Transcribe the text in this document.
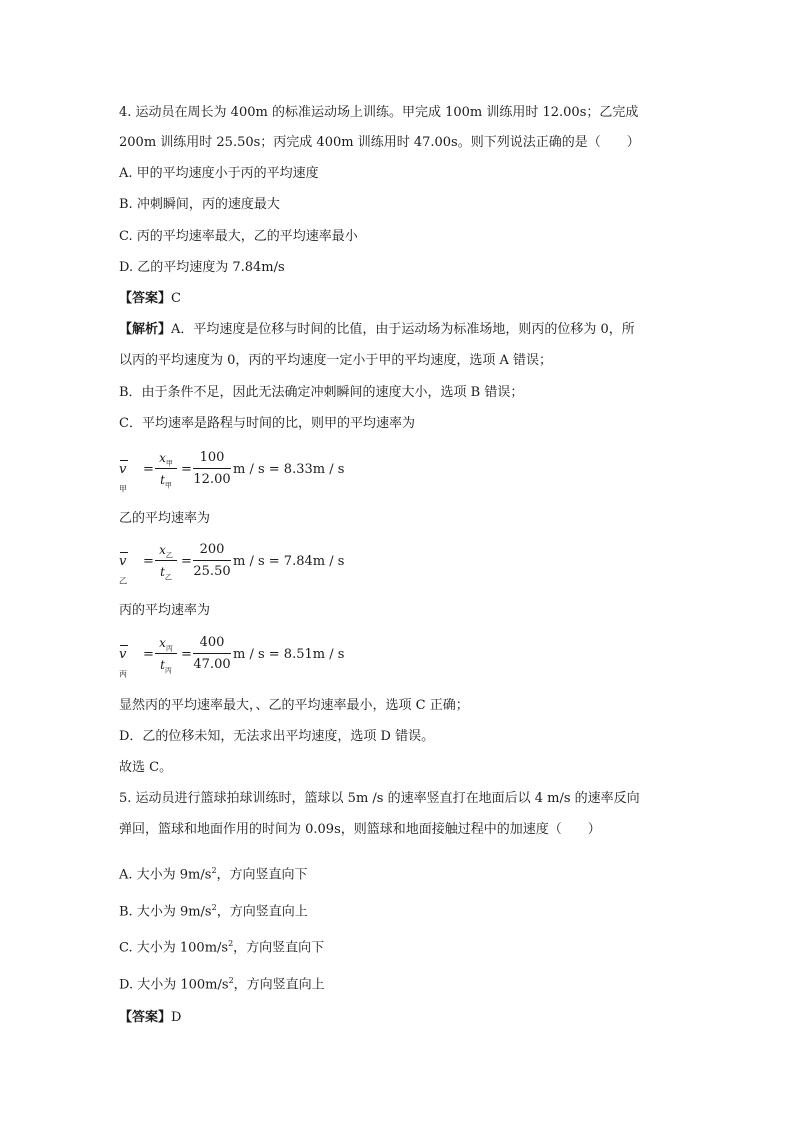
4. 运动员在周长为 400m 的标准运动场上训练。甲完成 100m 训练用时 12.00s；乙完成
200m 训练用时 25.50s；丙完成 400m 训练用时 47.00s。则下列说法正确的是（　　）
A. 甲的平均速度小于丙的平均速度
B. 冲刺瞬间，丙的速度最大
C. 丙的平均速率最大，乙的平均速率最小
D. 乙的平均速度为 7.84m/s
【答案】C
【解析】A．平均速度是位移与时间的比值，由于运动场为标准场地，则丙的位移为 0，所
以丙的平均速度为 0，丙的平均速度一定小于甲的平均速度，选项 A 错误；
B．由于条件不足，因此无法确定冲刺瞬间的速度大小，选项 B 错误；
C．平均速率是路程与时间的比，则甲的平均速率为
$v_甲$
=
$x_甲$
$t_甲$
= $\frac{100}{12.00}$ m / s = 8.33m / s
乙的平均速率为
$v_乙$
=
$x_乙$
$t_乙$
= $\frac{200}{25.50}$ m / s = 7.84m / s
丙的平均速率为
$v_丙$
=
$x_丙$
$t_丙$
= $\frac{400}{47.00}$ m / s = 8.51m / s
显然丙的平均速率最大，、乙的平均速率最小，选项 C 正确；
D．乙的位移未知，无法求出平均速度，选项 D 错误。
故选 C。
5. 运动员进行篮球拍球训练时，篮球以 5m /s 的速率竖直打在地面后以 4 m/s 的速率反向
弹回，篮球和地面作用的时间为 0.09s，则篮球和地面接触过程中的加速度（　　）
A. 大小为 $9m/s^2$，方向竖直向下
B. 大小为 $9m/s^2$，方向竖直向上
C. 大小为 $100m/s^2$，方向竖直向下
D. 大小为 $100m/s^2$，方向竖直向上
【答案】D
